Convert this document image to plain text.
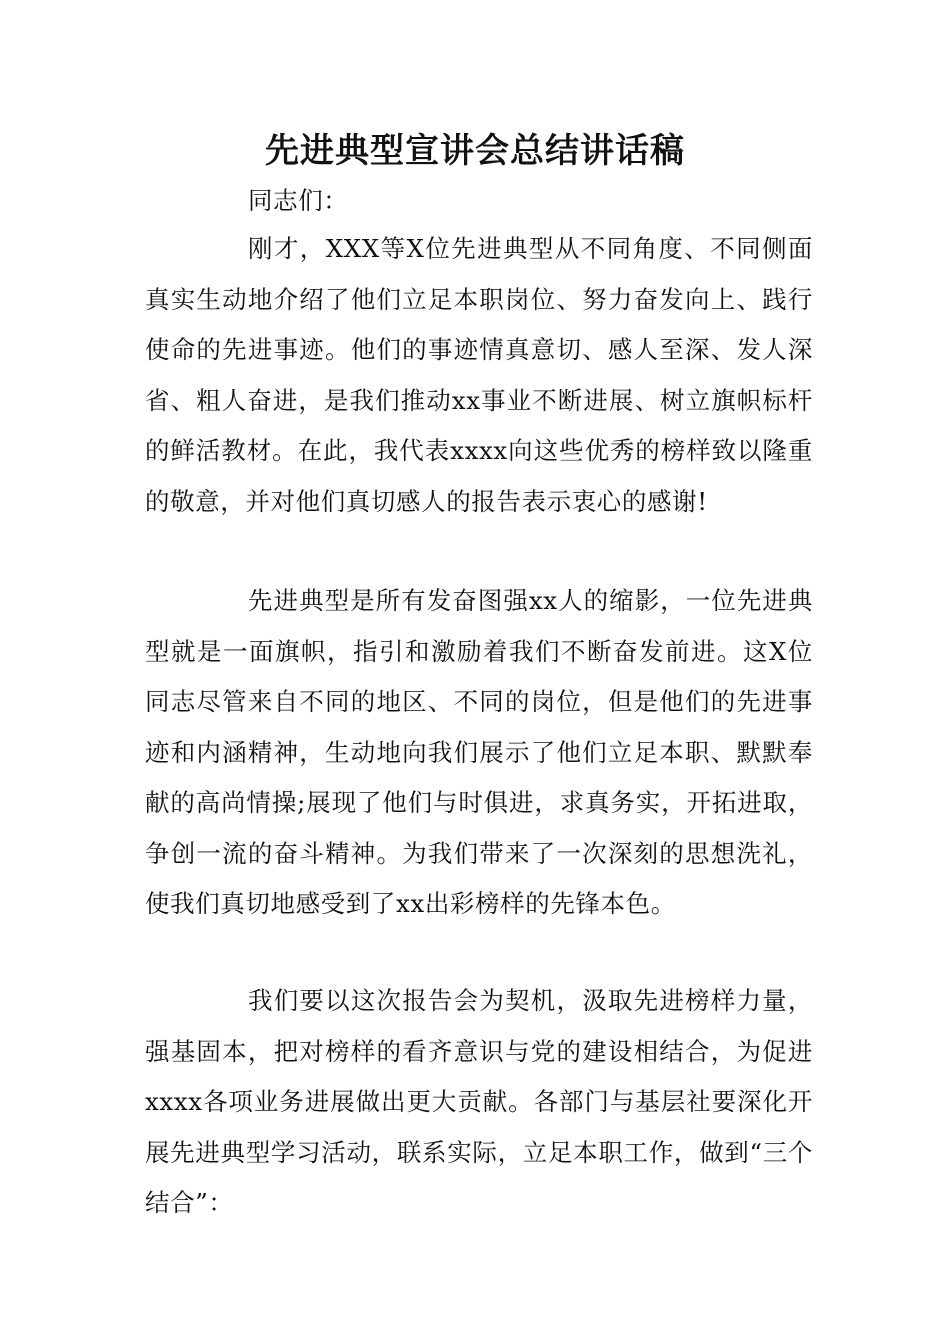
先进典型宣讲会总结讲话稿

同志们：

刚才，XXX等X位先进典型从不同角度、不同侧面真实生动地介绍了他们立足本职岗位、努力奋发向上、践行使命的先进事迹。他们的事迹情真意切、感人至深、发人深省、粗人奋进，是我们推动xx事业不断进展、树立旗帜标杆的鲜活教材。在此，我代表xxxx向这些优秀的榜样致以隆重的敬意，并对他们真切感人的报告表示衷心的感谢!

先进典型是所有发奋图强xx人的缩影，一位先进典型就是一面旗帜，指引和激励着我们不断奋发前进。这X位同志尽管来自不同的地区、不同的岗位，但是他们的先进事迹和内涵精神，生动地向我们展示了他们立足本职、默默奉献的高尚情操;展现了他们与时俱进，求真务实，开拓进取，争创一流的奋斗精神。为我们带来了一次深刻的思想洗礼，使我们真切地感受到了xx出彩榜样的先锋本色。

我们要以这次报告会为契机，汲取先进榜样力量，强基固本，把对榜样的看齐意识与党的建设相结合，为促进xxxx各项业务进展做出更大贡献。各部门与基层社要深化开展先进典型学习活动，联系实际，立足本职工作，做到“三个结合”：
